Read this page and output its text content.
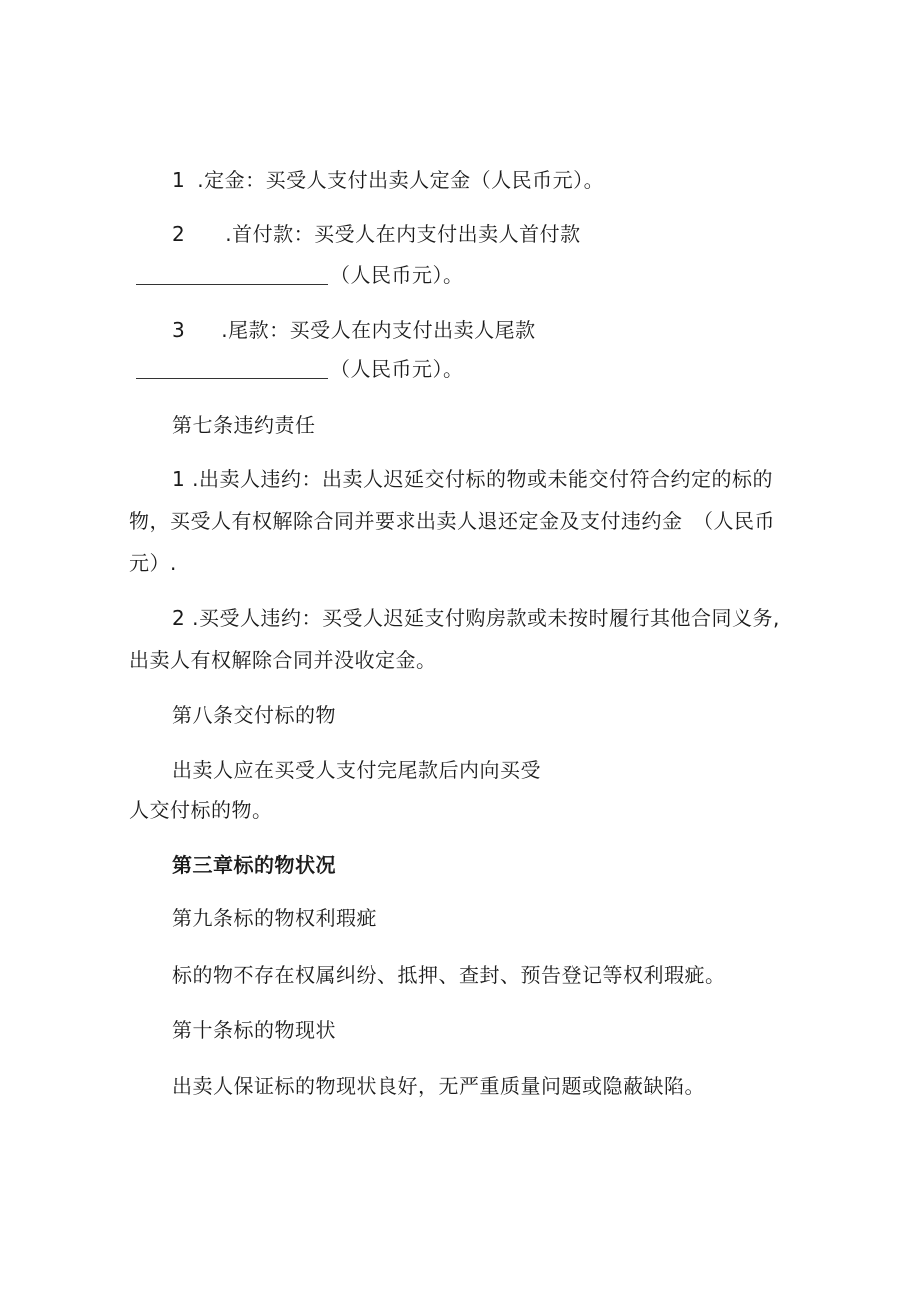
1 .定金：买受人支付出卖人定金（人民币元）。
2 .首付款：买受人在内支付出卖人首付款
（人民币元）。
3 .尾款：买受人在内支付出卖人尾款
（人民币元）。
第七条违约责任
1 .出卖人违约：出卖人迟延交付标的物或未能交付符合约定的标的
物，买受人有权解除合同并要求出卖人退还定金及支付违约金　（人民币
元）.
2 .买受人违约：买受人迟延支付购房款或未按时履行其他合同义务,
出卖人有权解除合同并没收定金。
第八条交付标的物
出卖人应在买受人支付完尾款后内向买受
人交付标的物。
第三章标的物状况
第九条标的物权利瑕疵
标的物不存在权属纠纷、抵押、查封、预告登记等权利瑕疵。
第十条标的物现状
出卖人保证标的物现状良好，无严重质量问题或隐蔽缺陷。
